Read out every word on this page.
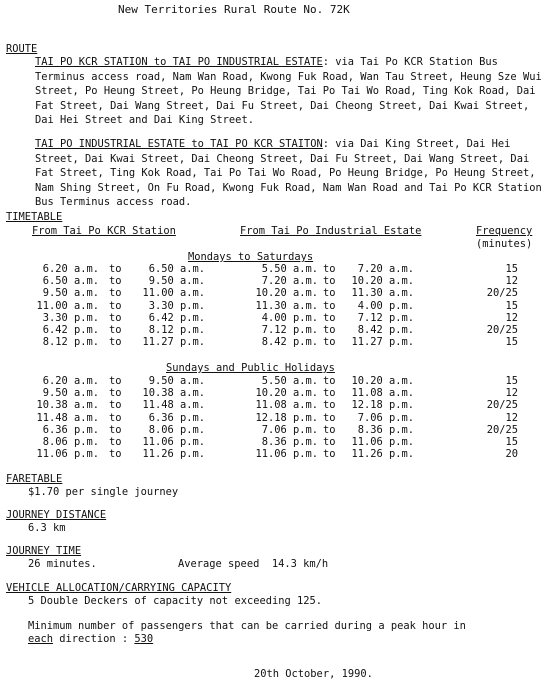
New Territories Rural Route No. 72K
ROUTE
TAI PO KCR STATION to TAI PO INDUSTRIAL ESTATE: via Tai Po KCR Station Bus Terminus access road, Nam Wan Road, Kwong Fuk Road, Wan Tau Street, Heung Sze Wui Street, Po Heung Street, Po Heung Bridge, Tai Po Tai Wo Road, Ting Kok Road, Dai Fat Street, Dai Wang Street, Dai Fu Street, Dai Cheong Street, Dai Kwai Street, Dai Hei Street and Dai King Street.
TAI PO INDUSTRIAL ESTATE to TAI PO KCR STAITON: via Dai King Street, Dai Hei Street, Dai Kwai Street, Dai Cheong Street, Dai Fu Street, Dai Wang Street, Dai Fat Street, Ting Kok Road, Tai Po Tai Wo Road, Po Heung Bridge, Po Heung Street, Nam Shing Street, On Fu Road, Kwong Fuk Road, Nam Wan Road and Tai Po KCR Station Bus Terminus access road.
TIMETABLE
From Tai Po KCR Station	From Tai Po Industrial Estate	Frequency
(minutes)
Mondays to Saturdays
6.20 a.m. to	6.50 a.m.	5.50 a.m. to 7.20 a.m.	15
6.50 a.m. to	9.50 a.m.	7.20 a.m. to 10.20 a.m.	12
9.50 a.m. to 11.00 a.m.	10.20 a.m. to 11.30 a.m.	20/25
11.00 a.m. to	3.30 p.m.	11.30 a.m. to 4.00 p.m.	15
3.30 p.m. to	6.42 p.m.	4.00 p.m. to 7.12 p.m.	12
6.42 p.m. to	8.12 p.m.	7.12 p.m. to 8.42 p.m.	20/25
8.12 p.m. to 11.27 p.m.	8.42 p.m. to 11.27 p.m.	15
Sundays and Public Holidays
6.20 a.m. to	9.50 a.m.	5.50 a.m. to 10.20 a.m.	15
9.50 a.m. to 10.38 a.m.	10.20 a.m. to 11.08 a.m.	12
10.38 a.m. to 11.48 a.m.	11.08 a.m. to 12.18 p.m.	20/25
11.48 a.m. to	6.36 p.m.	12.18 p.m. to 7.06 p.m.	12
6.36 p.m. to	8.06 p.m.	7.06 p.m. to 8.36 p.m.	20/25
8.06 p.m. to 11.06 p.m.	8.36 p.m. to 11.06 p.m.	15
11.06 p.m. to 11.26 p.m.	11.06 p.m. to 11.26 p.m.	20
FARETABLE
$1.70 per single journey
JOURNEY DISTANCE
6.3 km
JOURNEY TIME
26 minutes.	Average speed  14.3 km/h
VEHICLE ALLOCATION/CARRYING CAPACITY
5 Double Deckers of capacity not exceeding 125.
Minimum number of passengers that can be carried during a peak hour in
each direction : 530
20th October, 1990.
